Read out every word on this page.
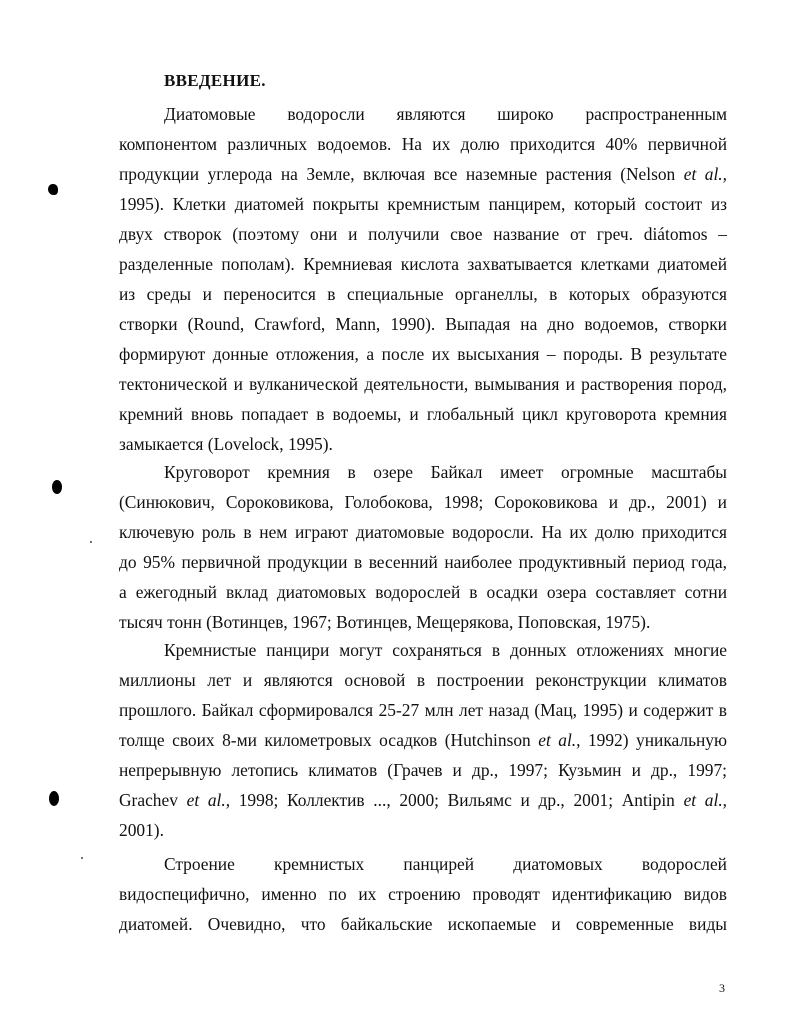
ВВЕДЕНИЕ.

Диатомовые водоросли являются широко распространенным
компонентом различных водоемов. На их долю приходится 40% первичной
продукции углерода на Земле, включая все наземные растения (Nelson et al.,
1995). Клетки диатомей покрыты кремнистым панцирем, который состоит из
двух створок (поэтому они и получили свое название от греч. diátomos –
разделенные пополам). Кремниевая кислота захватывается клетками диатомей
из среды и переносится в специальные органеллы, в которых образуются
створки (Round, Crawford, Mann, 1990). Выпадая на дно водоемов, створки
формируют донные отложения, а после их высыхания – породы. В результате
тектонической и вулканической деятельности, вымывания и растворения пород,
кремний вновь попадает в водоемы, и глобальный цикл круговорота кремния
замыкается (Lovelock, 1995).

Круговорот кремния в озере Байкал имеет огромные масштабы
(Синюкович, Сороковикова, Голобокова, 1998; Сороковикова и др., 2001) и
ключевую роль в нем играют диатомовые водоросли. На их долю приходится
до 95% первичной продукции в весенний наиболее продуктивный период года,
а ежегодный вклад диатомовых водорослей в осадки озера составляет сотни
тысяч тонн (Вотинцев, 1967; Вотинцев, Мещерякова, Поповская, 1975).

Кремнистые панцири могут сохраняться в донных отложениях многие
миллионы лет и являются основой в построении реконструкции климатов
прошлого. Байкал сформировался 25-27 млн лет назад (Мац, 1995) и содержит в
толще своих 8-ми километровых осадков (Hutchinson et al., 1992) уникальную
непрерывную летопись климатов (Грачев и др., 1997; Кузьмин и др., 1997;
Grachev et al., 1998; Коллектив ..., 2000; Вильямс и др., 2001; Antipin et al.,
2001).

Строение кремнистых панцирей диатомовых водорослей
видоспецифично, именно по их строению проводят идентификацию видов
диатомей. Очевидно, что байкальские ископаемые и современные виды

3
